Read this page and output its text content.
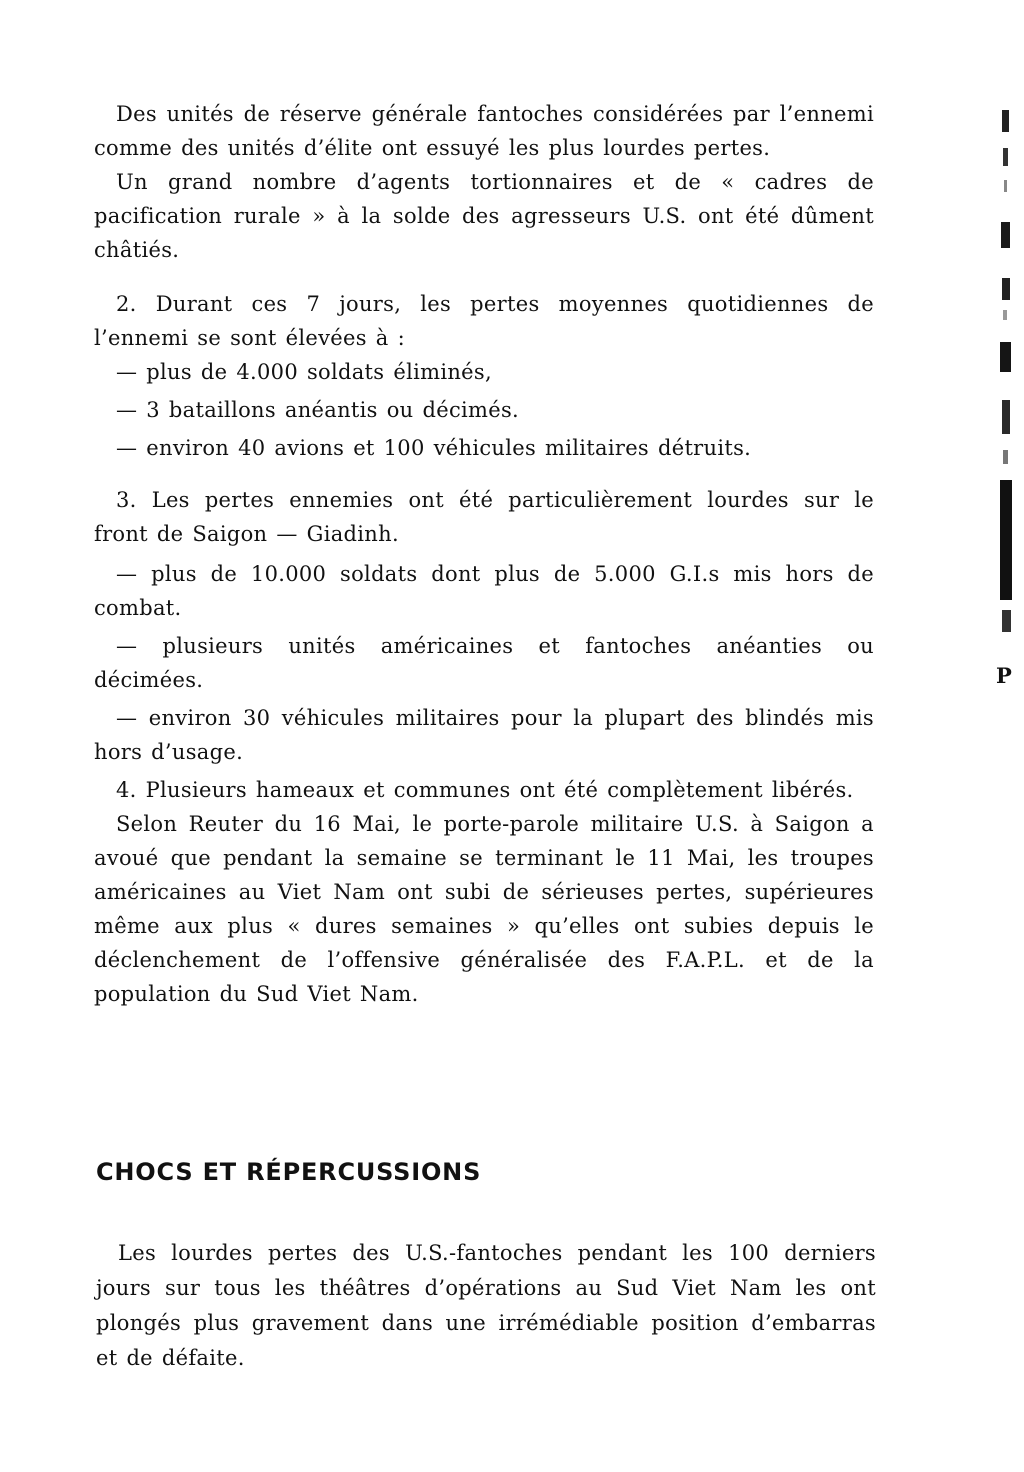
Des unités de réserve générale fantoches considérées par l’ennemi comme des unités d’élite ont essuyé les plus lourdes pertes.

Un grand nombre d’agents tortionnaires et de « cadres de pacification rurale » à la solde des agresseurs U.S. ont été dûment châtiés.

2. Durant ces 7 jours, les pertes moyennes quotidiennes de l’ennemi se sont élevées à :

— plus de 4.000 soldats éliminés,

— 3 bataillons anéantis ou décimés.

— environ 40 avions et 100 véhicules militaires détruits.

3. Les pertes ennemies ont été particulièrement lourdes sur le front de Saigon — Giadinh.

— plus de 10.000 soldats dont plus de 5.000 G.I.s mis hors de combat.

— plusieurs unités américaines et fantoches anéanties ou décimées.

— environ 30 véhicules militaires pour la plupart des blindés mis hors d’usage.

4. Plusieurs hameaux et communes ont été complètement libérés.

Selon Reuter du 16 Mai, le porte-parole militaire U.S. à Saigon a avoué que pendant la semaine se terminant le 11 Mai, les troupes américaines au Viet Nam ont subi de sérieuses pertes, supérieures même aux plus « dures semaines » qu’elles ont subies depuis le déclenchement de l’offensive généralisée des F.A.P.L. et de la population du Sud Viet Nam.

CHOCS ET RÉPERCUSSIONS

Les lourdes pertes des U.S.-fantoches pendant les 100 derniers jours sur tous les théâtres d’opérations au Sud Viet Nam les ont plongés plus gravement dans une irrémédiable position d’embarras et de défaite.

P
